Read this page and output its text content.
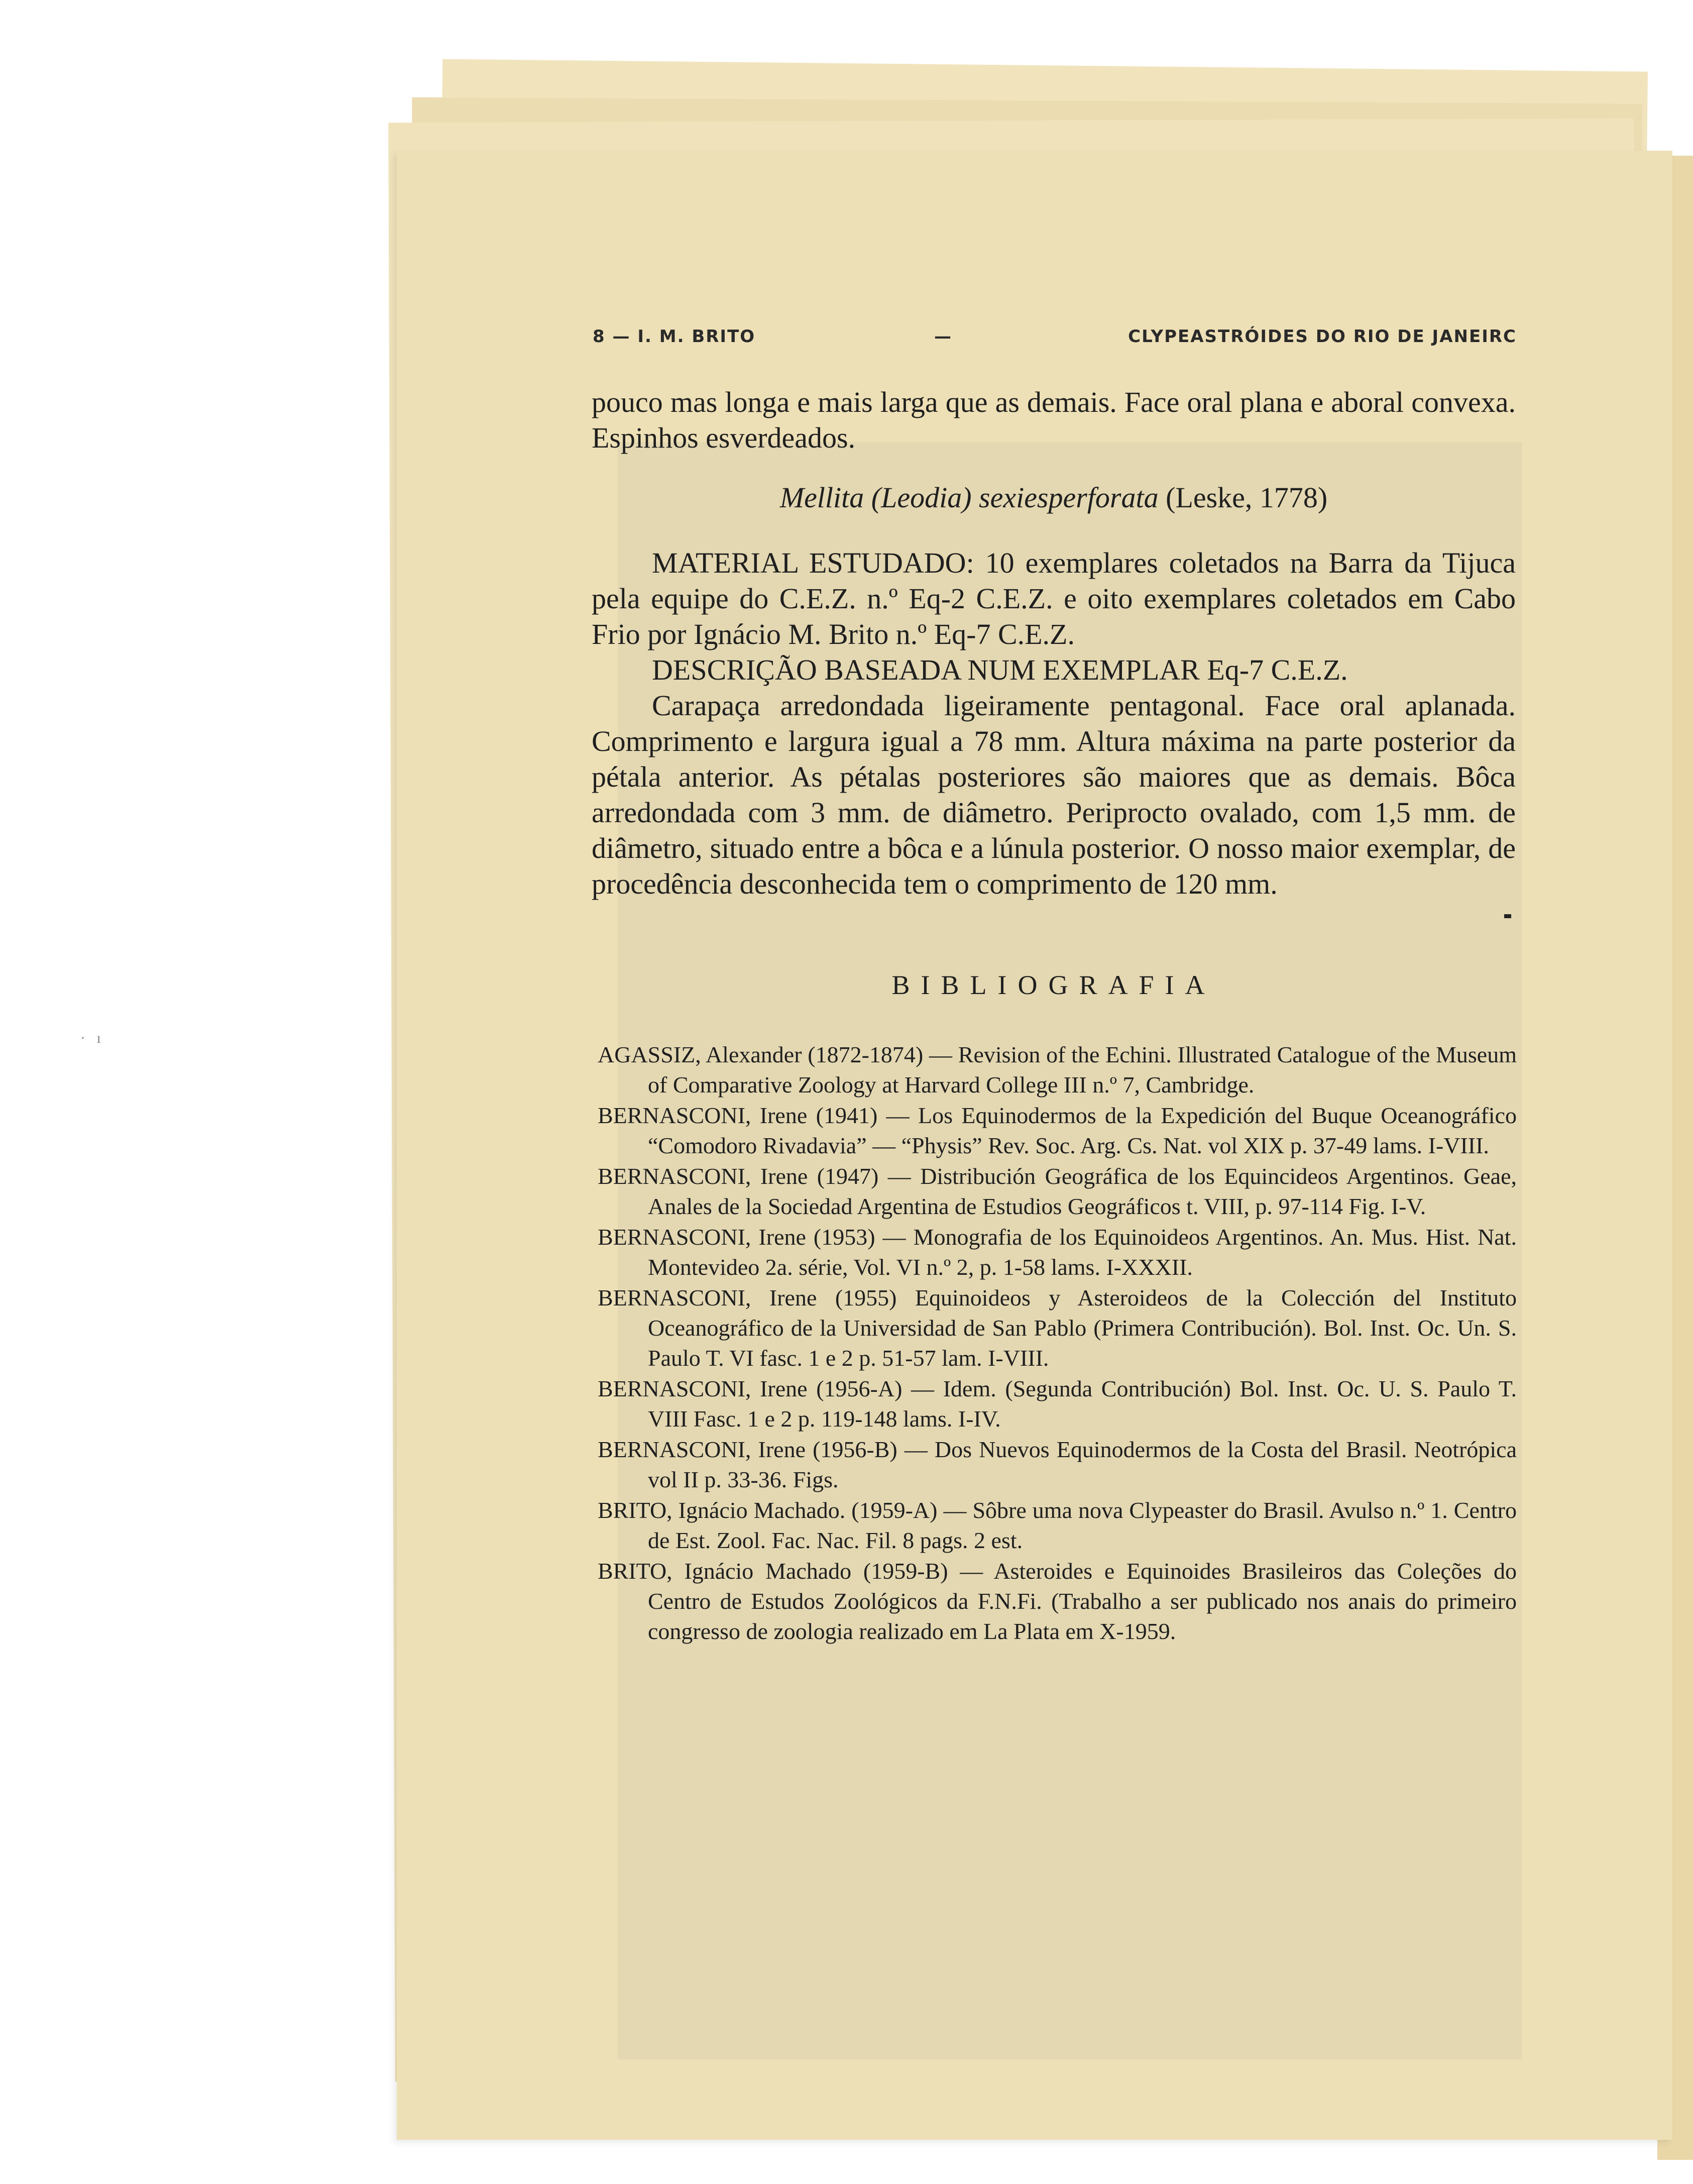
·   ı
8 — I. M. BRITO	—	CLYPEASTRÓIDES DO RIO DE JANEIRC

pouco mas longa e mais larga que as demais. Face oral plana e aboral convexa. Espinhos esverdeados.

Mellita (Leodia) sexiesperforata (Leske, 1778)

MATERIAL ESTUDADO: 10 exemplares coletados na Barra da Tijuca pela equipe do C.E.Z. n.º Eq-2 C.E.Z. e oito exemplares coletados em Cabo Frio por Ignácio M. Brito n.º Eq-7 C.E.Z.

DESCRIÇÃO BASEADA NUM EXEMPLAR Eq-7 C.E.Z.

Carapaça arredondada ligeiramente pentagonal. Face oral aplanada. Comprimento e largura igual a 78 mm. Altura máxima na parte posterior da pétala anterior. As pétalas posteriores são maiores que as demais. Bôca arredondada com 3 mm. de diâmetro. Periprocto ovalado, com 1,5 mm. de diâmetro, situado entre a bôca e a lúnula posterior. O nosso maior exemplar, de procedência desconhecida tem o comprimento de 120 mm.

BIBLIOGRAFIA

AGASSIZ, Alexander (1872-1874) — Revision of the Echini. Illustrated Catalogue of the Museum of Comparative Zoology at Harvard College III n.º 7, Cambridge.

BERNASCONI, Irene (1941) — Los Equinodermos de la Expedición del Buque Oceanográfico “Comodoro Rivadavia” — “Physis” Rev. Soc. Arg. Cs. Nat. vol XIX p. 37-49 lams. I-VIII.

BERNASCONI, Irene (1947) — Distribución Geográfica de los Equincideos Argentinos. Geae, Anales de la Sociedad Argentina de Estudios Geográficos t. VIII, p. 97-114 Fig. I-V.

BERNASCONI, Irene (1953) — Monografia de los Equinoideos Argentinos. An. Mus. Hist. Nat. Montevideo 2a. série, Vol. VI n.º 2, p. 1-58 lams. I-XXXII.

BERNASCONI, Irene (1955) Equinoideos y Asteroideos de la Colección del Instituto Oceanográfico de la Universidad de San Pablo (Primera Contribución). Bol. Inst. Oc. Un. S. Paulo T. VI fasc. 1 e 2 p. 51-57 lam. I-VIII.

BERNASCONI, Irene (1956-A) — Idem. (Segunda Contribución) Bol. Inst. Oc. U. S. Paulo T. VIII Fasc. 1 e 2 p. 119-148 lams. I-IV.

BERNASCONI, Irene (1956-B) — Dos Nuevos Equinodermos de la Costa del Brasil. Neotrópica vol II p. 33-36. Figs.

BRITO, Ignácio Machado. (1959-A) — Sôbre uma nova Clypeaster do Brasil. Avulso n.º 1. Centro de Est. Zool. Fac. Nac. Fil. 8 pags. 2 est.

BRITO, Ignácio Machado (1959-B) — Asteroides e Equinoides Brasileiros das Coleções do Centro de Estudos Zoológicos da F.N.Fi. (Trabalho a ser publicado nos anais do primeiro congresso de zoologia realizado em La Plata em X-1959.
